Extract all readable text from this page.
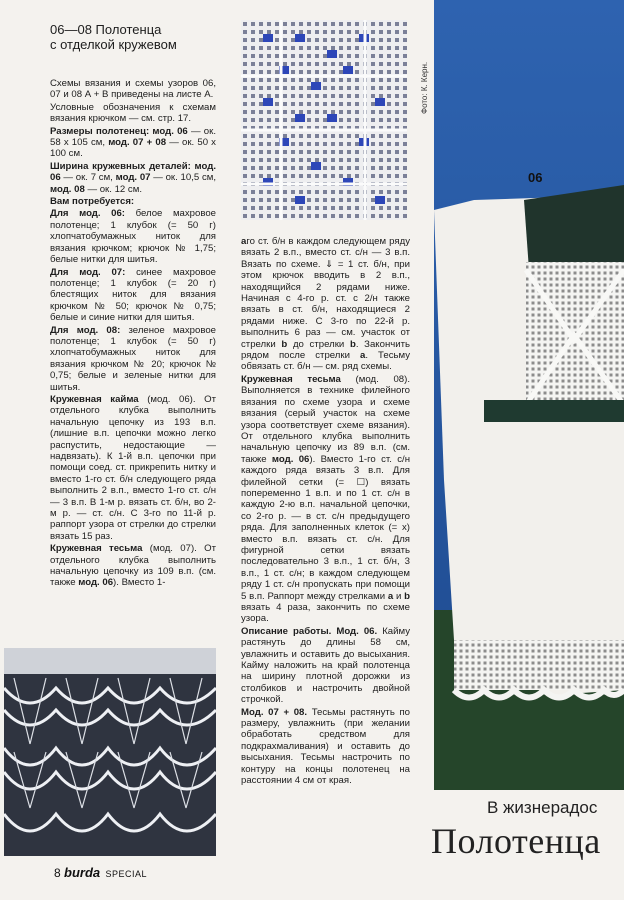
06—08 Полотенца
с отделкой кружевом

Схемы вязания и схемы узоров 06, 07 и 08 А + В приведены на листе А.

Условные обозначения к схемам вязания крючком — см. стр. 17.

Размеры полотенец: мод. 06 — ок. 58 х 105 см, мод. 07 + 08 — ок. 50 х 100 см.

Ширина кружевных деталей: мод. 06 — ок. 7 см, мод. 07 — ок. 10,5 см, мод. 08 — ок. 12 см.

Вам потребуется:

Для мод. 06: белое махровое полотенце; 1 клубок (= 50 г) хлопчатобумажных ниток для вязания крючком; крючок № 1,75; белые нитки для шитья.

Для мод. 07: синее махровое полотенце; 1 клубок (= 20 г) блестящих ниток для вязания крючком № 50; крючок № 0,75; белые и синие нитки для шитья.

Для мод. 08: зеленое махровое полотенце; 1 клубок (= 50 г) хлопчатобумажных ниток для вязания крючком № 20; крючок № 0,75; белые и зеленые нитки для шитья.

Кружевная кайма (мод. 06). От отдельного клубка выполнить начальную цепочку из 193 в.п. (лишние в.п. цепочки можно легко распустить, недостающие — надвязать). К 1-й в.п. цепочки при помощи соед. ст. прикрепить нитку и вместо 1-го ст. б/н следующего ряда выполнить 2 в.п., вместо 1-го ст. с/н — 3 в.п. В 1-м р. вязать ст. б/н, во 2-м р. — ст. с/н. С 3-го по 11-й р. раппорт узора от стрелки до стрелки вязать 15 раз.

Кружевная тесьма (мод. 07). От отдельного клубка выполнить начальную цепочку из 109 в.п. (см. также мод. 06). Вместо 1-

аго ст. б/н в каждом следующем ряду вязать 2 в.п., вместо ст. с/н — 3 в.п. Вязать по схеме. ⇓ = 1 ст. б/н, при этом крючок вводить в 2 в.п., находящийся 2 рядами ниже. Начиная с 4-го р. ст. с 2/н также вязать в ст. б/н, находящиеся 2 рядами ниже. С 3-го по 22-й р. выполнить 6 раз — см. участок от стрелки b до стрелки b. Закончить рядом после стрелки а. Тесьму обвязать ст. б/н — см. ряд схемы.

Кружевная тесьма (мод. 08). Выполняется в технике филейного вязания по схеме узора и схеме вязания (серый участок на схеме узора соответствует схеме вязания). От отдельного клубка выполнить начальную цепочку из 89 в.п. (см. также мод. 06). Вместо 1-го ст. с/н каждого ряда вязать 3 в.п. Для филейной сетки (= ☐) вязать попеременно 1 в.п. и по 1 ст. с/н в каждую 2-ю в.п. начальной цепочки, со 2-го р. — в ст. с/н предыдущего ряда. Для заполненных клеток (= х) вместо в.п. вязать ст. с/н. Для фигурной сетки вязать последовательно 3 в.п., 1 ст. б/н, 3 в.п., 1 ст. с/н; в каждом следующем ряду 1 ст. с/н пропускать при помощи 5 в.п. Раппорт между стрелками a и b вязать 4 раза, закончить по схеме узора.

Описание работы. Мод. 06. Кайму растянуть до длины 58 см, увлажнить и оставить до высыхания. Кайму наложить на край полотенца на ширину плотной дорожки из столбиков и настрочить двойной строчкой.

Мод. 07 + 08. Тесьмы растянуть по размеру, увлажнить (при желании обработать средством для подкрахмаливания) и оставить до высыхания. Тесьмы настрочить по контуру на концы полотенец на расстоянии 4 см от края.

Фото: К. Керн.
06
В жизнерадос
Полотенца
8 burda SPECIAL
